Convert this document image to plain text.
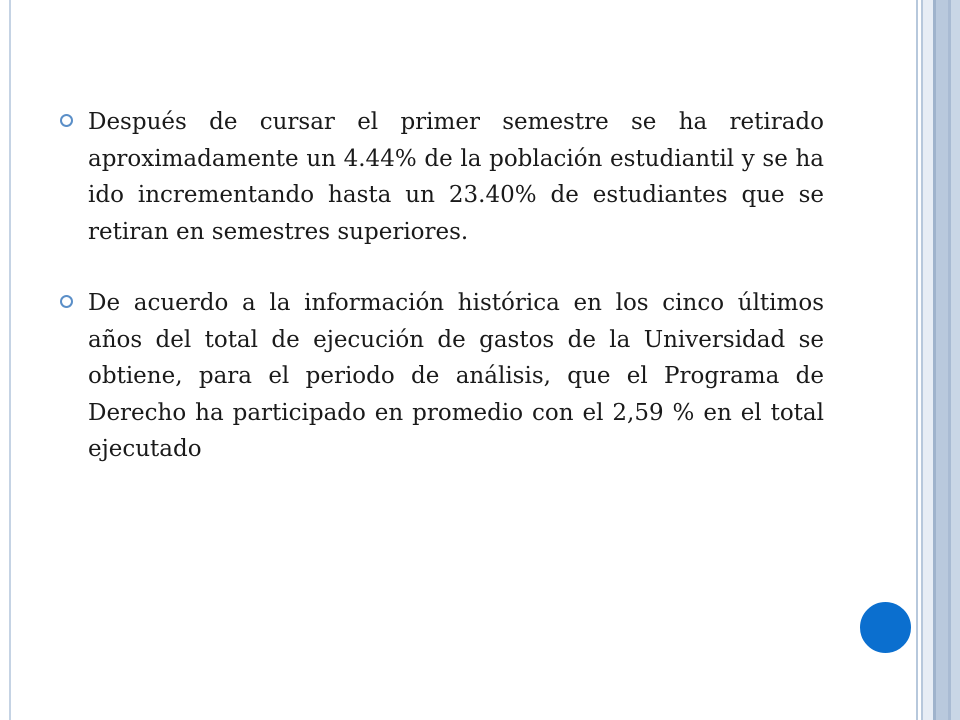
Después de cursar el primer semestre se ha retirado aproximadamente un 4.44% de la población estudiantil y se ha ido incrementando hasta un 23.40% de estudiantes que se retiran en semestres superiores.
De acuerdo a la información histórica en los cinco últimos años del total de ejecución de gastos de la Universidad se obtiene, para el periodo de análisis, que el Programa de Derecho ha participado en promedio con el 2,59 % en el total ejecutado
